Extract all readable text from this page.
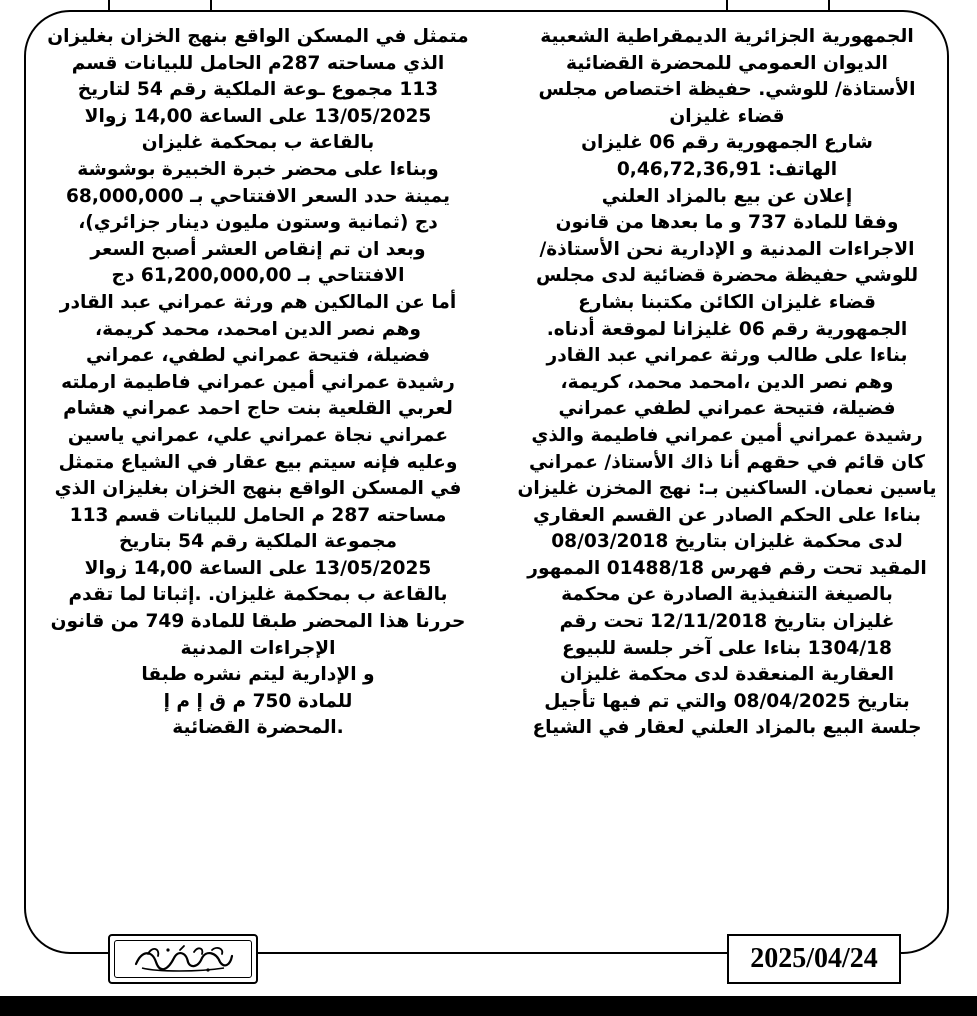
الجمهورية الجزائرية الديمقراطية الشعبية
الديوان العمومي للمحضرة القضائية
الأستاذة/ للوشي. حفيظة اختصاص مجلس
قضاء غليزان
شارع الجمهورية رقم 06 غليزان
الهاتف: 0,46,72,36,91
إعلان عن بيع بالمزاد العلني
وفقا للمادة 737 و ما بعدها من قانون
الاجراءات المدنية و الإدارية نحن الأستاذة/
للوشي حفيظة محضرة قضائية لدى مجلس
قضاء غليزان الكائن مكتبنا بشارع
الجمهورية رقم 06 غليزانا لموقعة أدناه.
بناءا على طالب ورثة عمراني عبد القادر
وهم نصر الدين ،امحمد محمد، كريمة،
فضيلة، فتيحة عمراني لطفي عمراني
رشيدة عمراني أمين عمراني فاطيمة والذي
كان قائم في حقهم أنا ذاك الأستاذ/ عمراني
ياسين نعمان. الساكنين بـ: نهج المخزن غليزان
بناءا على الحكم الصادر عن القسم العقاري
لدى محكمة غليزان بتاريخ 08/03/2018
المقيد تحت رقم فهرس 01488/18 الممهور
بالصيغة التنفيذية الصادرة عن محكمة
غليزان بتاريخ 12/11/2018 تحت رقم
1304/18 بناءا على آخر جلسة للبيوع
العقارية المنعقدة لدى محكمة غليزان
بتاريخ 08/04/2025 والتي تم فيها تأجيل
جلسة البيع بالمزاد العلني لعقار في الشياع
متمثل في المسكن الواقع بنهج الخزان بغليزان
الذي مساحته 287م الحامل للبيانات قسم
113 مجموع ـوعة الملكية رقم 54 لتاريخ
13/05/2025 على الساعة 14,00 زوالا
بالقاعة ب بمحكمة غليزان
وبناءا على محضر خبرة الخبيرة بوشوشة
يمينة حدد السعر الافتتاحي بـ 68,000,000
دج (ثمانية وستون مليون دينار جزائري)،
وبعد ان تم إنقاص العشر أصبح السعر
الافتتاحي بـ 61,200,000,00 دج
أما عن المالكين هم ورثة عمراني عبد القادر
وهم نصر الدين امحمد، محمد كريمة،
فضيلة، فتيحة عمراني لطفي، عمراني
رشيدة عمراني أمين عمراني فاطيمة ارملته
لعربي القلعية بنت حاج احمد عمراني هشام
عمراني نجاة عمراني علي، عمراني ياسين
وعليه فإنه سيتم بيع عقار في الشياع متمثل
في المسكن الواقع بنهج الخزان بغليزان الذي
مساحته 287 م الحامل للبيانات قسم 113
مجموعة الملكية رقم 54 بتاريخ
13/05/2025 على الساعة 14,00 زوالا
بالقاعة ب بمحكمة غليزان. .إثباتا لما تقدم
حررنا هذا المحضر طبقا للمادة 749 من قانون
الإجراءات المدنية
و الإدارية ليتم نشره طبقا
للمادة 750 م ق إ م إ
.المحضرة القضائية
2025/04/24
